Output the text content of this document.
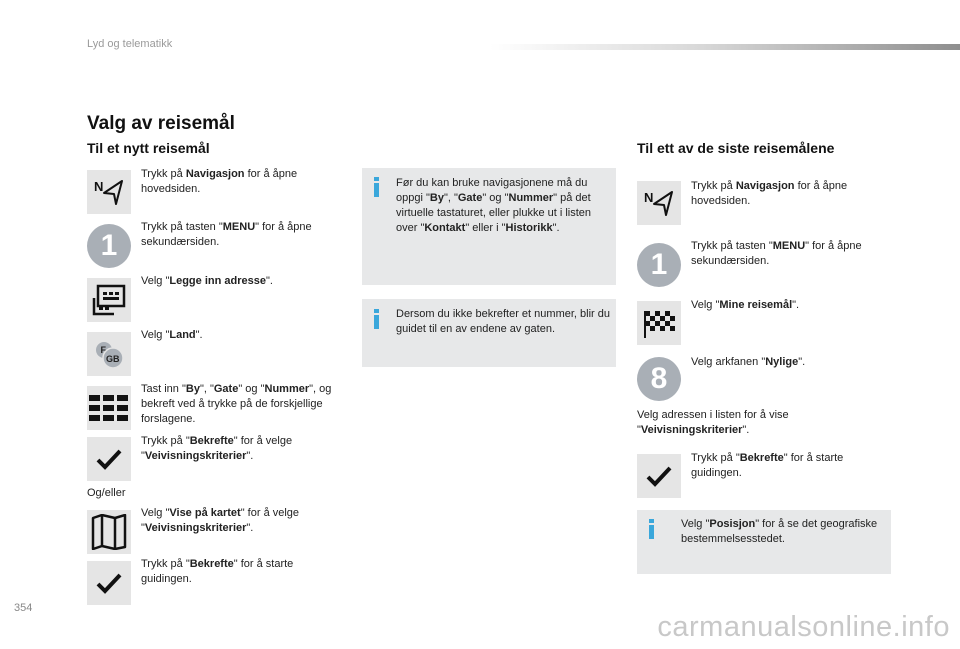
Lyd og telematikk
Valg av reisemål
Til et nytt reisemål	Til ett av de siste reisemålene
N
Trykk på Navigasjon for å åpne hovedsiden.
1
Trykk på tasten "MENU" for å åpne sekundærsiden.
Velg "Legge inn adresse".
F
GB
Velg "Land".
Tast inn "By", "Gate" og "Nummer", og bekreft ved å trykke på de forskjellige forslagene.
Trykk på "Bekrefte" for å velge "Veivisningskriterier".
Og/eller
Velg "Vise på kartet" for å velge "Veivisningskriterier".
Trykk på "Bekrefte" for å starte guidingen.
Før du kan bruke navigasjonene må du oppgi "By", "Gate" og "Nummer" på det virtuelle tastaturet, eller plukke ut i listen over "Kontakt" eller i "Historikk".
Dersom du ikke bekrefter et nummer, blir du guidet til en av endene av gaten.
N
Trykk på Navigasjon for å åpne hovedsiden.
1
Trykk på tasten "MENU" for å åpne sekundærsiden.
Velg "Mine reisemål".
Velg arkfanen "Nylige".
8
Velg adressen i listen for å vise "Veivisningskriterier".
Trykk på "Bekrefte" for å starte guidingen.
Velg "Posisjon" for å se det geografiske bestemmelsesstedet.
354
carmanualsonline.info
